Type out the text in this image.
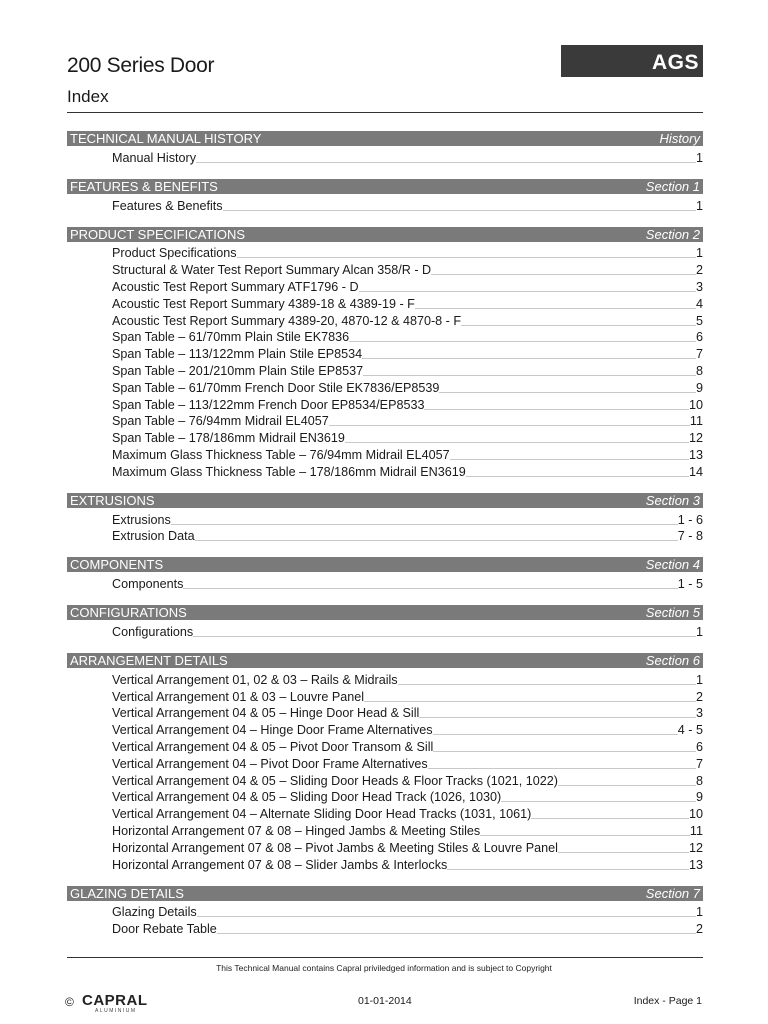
200 Series Door
Index
AGS
TECHNICAL MANUAL HISTORY	History
Manual History	1
FEATURES & BENEFITS	Section 1
Features & Benefits	1
PRODUCT SPECIFICATIONS	Section 2
Product Specifications	1
Structural & Water Test Report Summary Alcan 358/R - D	2
Acoustic Test Report Summary ATF1796 - D	3
Acoustic Test Report Summary 4389-18 & 4389-19 - F	4
Acoustic Test Report Summary 4389-20, 4870-12 & 4870-8 - F	5
Span Table – 61/70mm Plain Stile EK7836	6
Span Table – 113/122mm Plain Stile EP8534	7
Span Table – 201/210mm Plain Stile EP8537	8
Span Table – 61/70mm French Door Stile EK7836/EP8539	9
Span Table – 113/122mm French Door EP8534/EP8533	10
Span Table – 76/94mm Midrail EL4057	11
Span Table – 178/186mm Midrail EN3619	12
Maximum Glass Thickness Table – 76/94mm Midrail EL4057	13
Maximum Glass Thickness Table – 178/186mm Midrail EN3619	14
EXTRUSIONS	Section 3
Extrusions	1 - 6
Extrusion Data	7 - 8
COMPONENTS	Section 4
Components	1 - 5
CONFIGURATIONS	Section 5
Configurations	1
ARRANGEMENT DETAILS	Section 6
Vertical Arrangement 01, 02 & 03 – Rails & Midrails	1
Vertical Arrangement 01 & 03 – Louvre Panel	2
Vertical Arrangement 04 & 05 – Hinge Door Head & Sill	3
Vertical Arrangement 04 – Hinge Door Frame Alternatives	4 - 5
Vertical Arrangement 04 & 05 – Pivot Door Transom & Sill	6
Vertical Arrangement 04 – Pivot Door Frame Alternatives	7
Vertical Arrangement 04 & 05 – Sliding Door Heads & Floor Tracks (1021, 1022)	8
Vertical Arrangement 04 & 05 – Sliding Door Head Track (1026, 1030)	9
Vertical Arrangement 04 – Alternate Sliding Door Head Tracks (1031, 1061)	10
Horizontal Arrangement 07 & 08 – Hinged Jambs & Meeting Stiles	11
Horizontal Arrangement 07 & 08 – Pivot Jambs & Meeting Stiles & Louvre Panel	12
Horizontal Arrangement 07 & 08 – Slider Jambs & Interlocks	13
GLAZING DETAILS	Section 7
Glazing Details	1
Door Rebate Table	2
This Technical Manual contains Capral priviledged information and is subject to Copyright
© CAPRAL
ALUMINIUM
01-01-2014	Index - Page 1
